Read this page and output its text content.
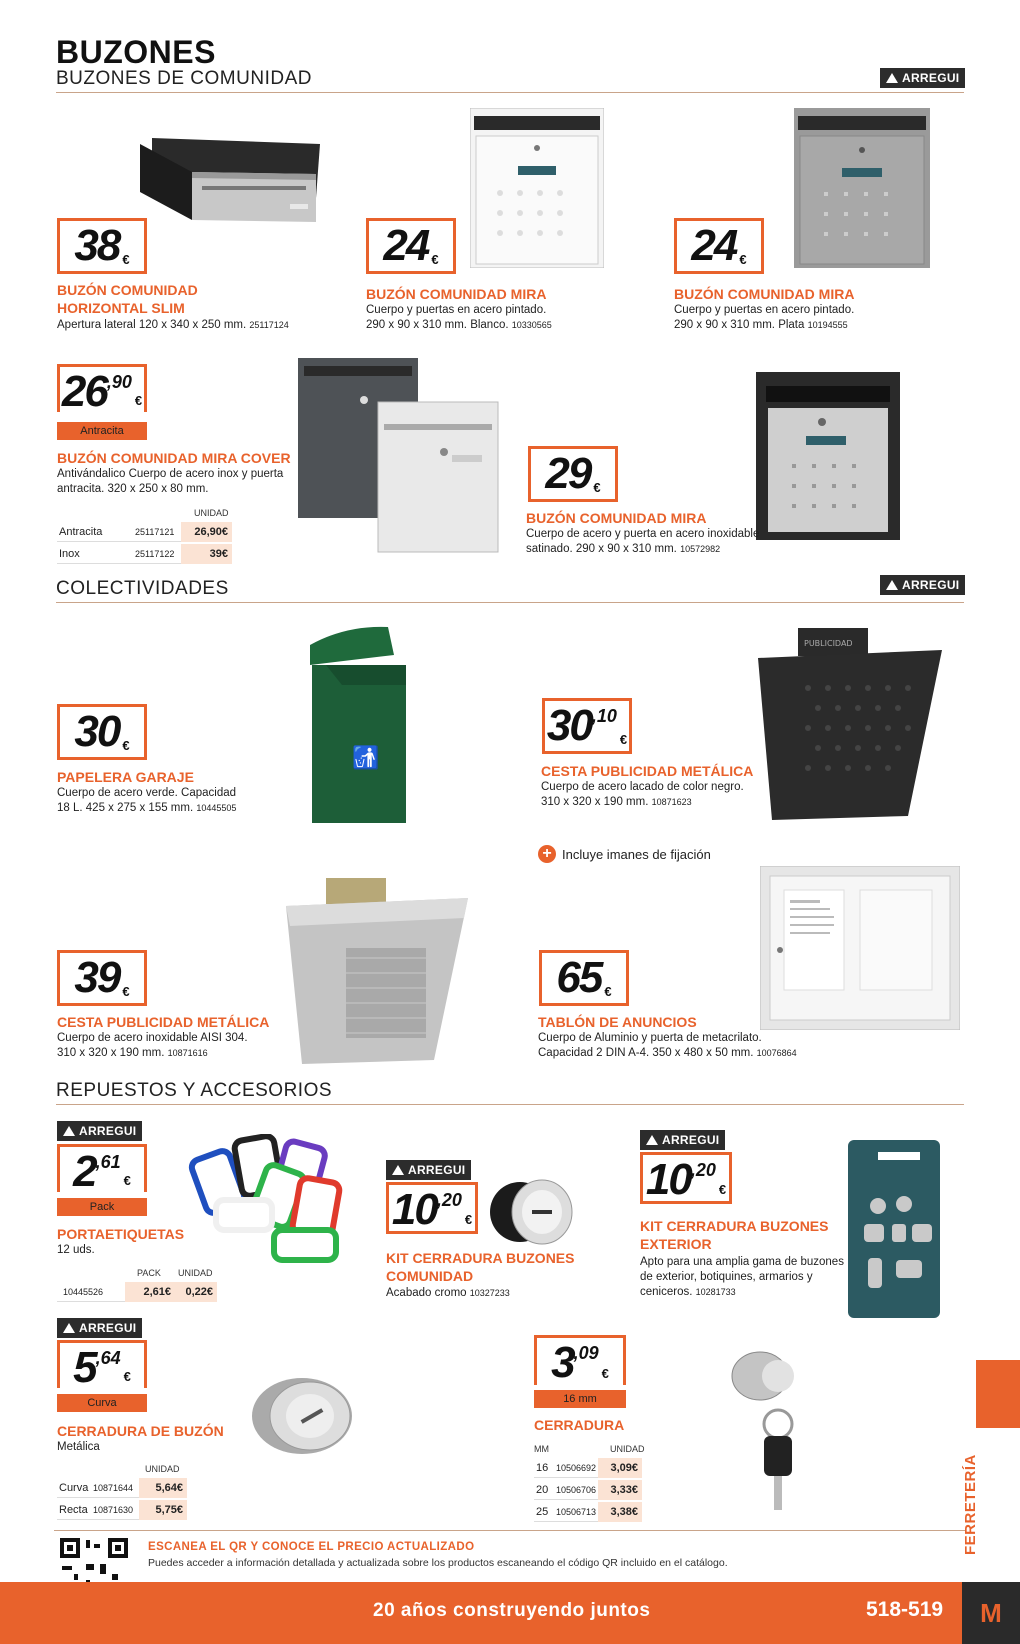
BUZONES
BUZONES DE COMUNIDAD	ARREGUI
38 €
BUZÓN COMUNIDAD HORIZONTAL SLIM
Apertura lateral 120 x 340 x 250 mm. 25117124
24 €
BUZÓN COMUNIDAD MIRA
Cuerpo y puertas en acero pintado.
290 x 90 x 310 mm. Blanco. 10330565
24 €
BUZÓN COMUNIDAD MIRA
Cuerpo y puertas en acero pintado.
290 x 90 x 310 mm. Plata 10194555
26 ,90
€
Antracita
BUZÓN COMUNIDAD MIRA COVER
Antivándalico Cuerpo de acero inox y puerta
antracita. 320 x 250 x 80 mm.
UNIDAD
Antracita	25117121	26,90€
Inox	25117122	39€
29 €
BUZÓN COMUNIDAD MIRA
Cuerpo de acero y puerta en acero inoxidable
satinado. 290 x 90 x 310 mm. 10572982
COLECTIVIDADES	ARREGUI
🚮
30 €
PAPELERA GARAJE
Cuerpo de acero verde. Capacidad
18 L. 425 x 275 x 155 mm. 10445505
PUBLICIDAD
30 ,10
€
CESTA PUBLICIDAD METÁLICA
Cuerpo de acero lacado de color negro.
310 x 320 x 190 mm. 10871623
+ Incluye imanes de fijación
39 €
CESTA PUBLICIDAD METÁLICA
Cuerpo de acero inoxidable AISI 304.
310 x 320 x 190 mm. 10871616
65 €
TABLÓN DE ANUNCIOS
Cuerpo de Aluminio y puerta de metacrilato.
Capacidad 2 DIN A-4. 350 x 480 x 50 mm. 10076864
REPUESTOS Y ACCESORIOS
ARREGUI
2 ,61
€
Pack
PORTAETIQUETAS
12 uds.
PACK UNIDAD
10445526	2,61€	0,22€
ARREGUI
10 ,20
€
KIT CERRADURA BUZONES
COMUNIDAD
Acabado cromo 10327233
ARREGUI
10 ,20
€
KIT CERRADURA BUZONES
EXTERIOR
Apto para una amplia gama de buzones
de exterior, botiquines, armarios y
ceniceros. 10281733
ARREGUI
5 ,64
€
Curva
CERRADURA DE BUZÓN
Metálica
UNIDAD
Curva 10871644	5,64€
Recta 10871630	5,75€
3 ,09
€
16 mm
CERRADURA
MM	UNIDAD
16 10506692	3,09€
20 10506706	3,33€
25 10506713	3,38€
ESCANEA EL QR Y CONOCE EL PRECIO ACTUALIZADO
Puedes acceder a información detallada y actualizada sobre los productos escaneando el código QR incluido en el catálogo.
FERRETERÍA
20 años construyendo juntos	518-519	M
